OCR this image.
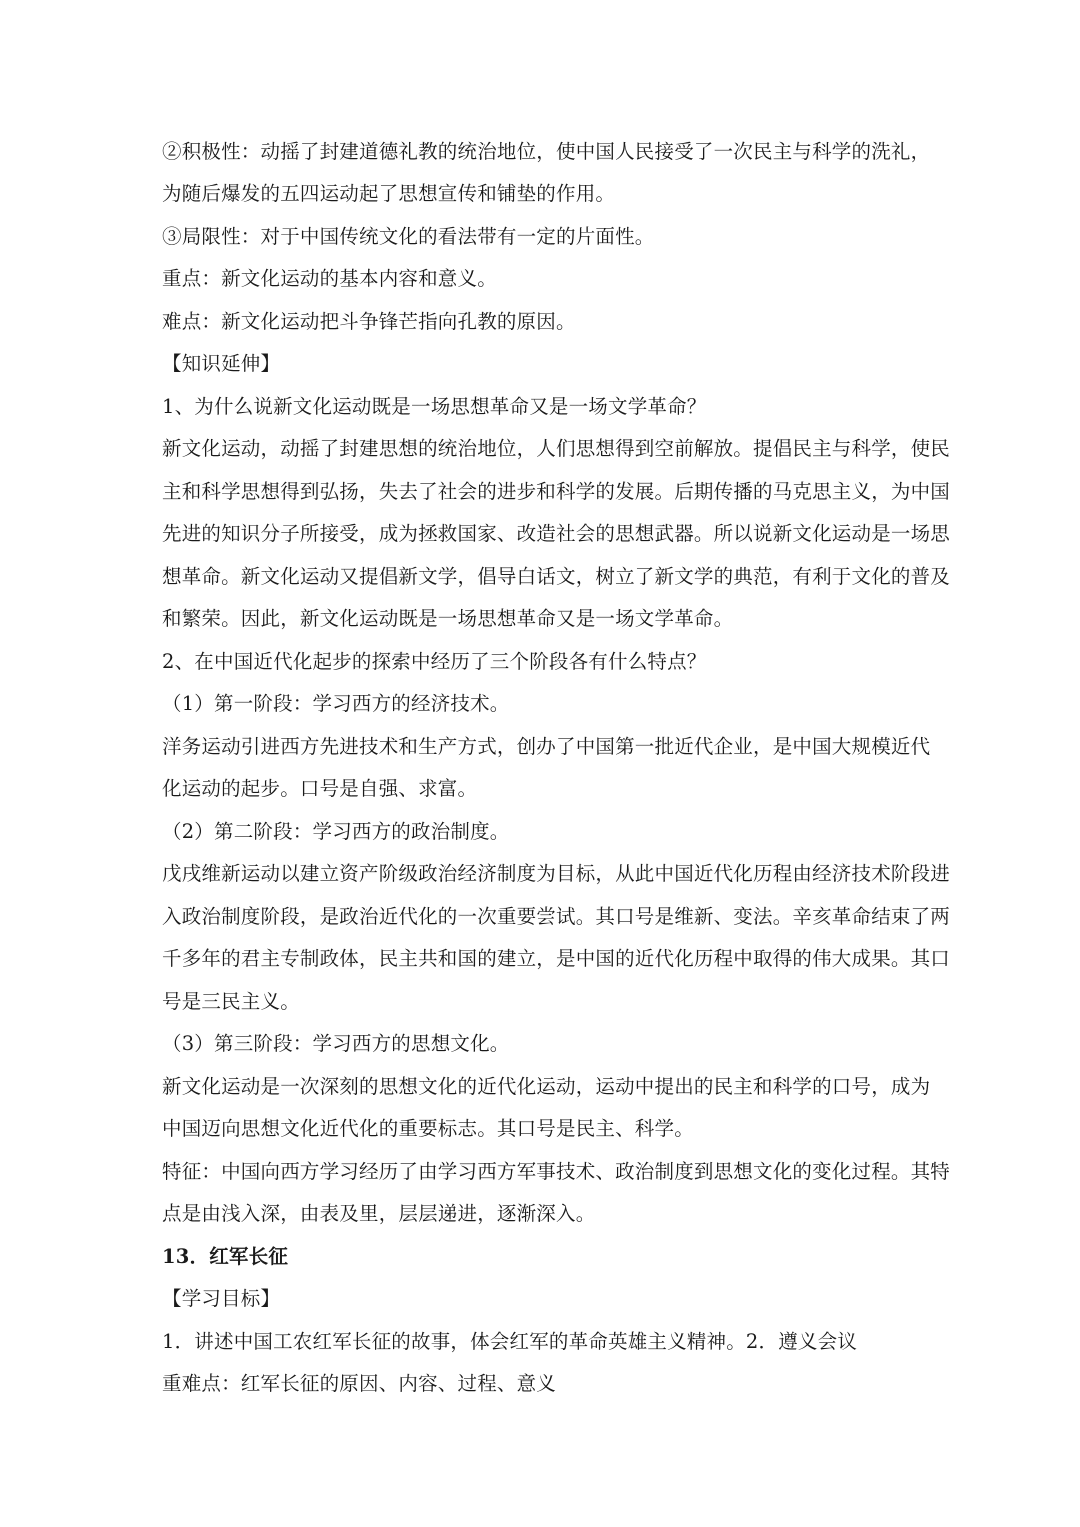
②积极性：动摇了封建道德礼教的统治地位，使中国人民接受了一次民主与科学的洗礼，
为随后爆发的五四运动起了思想宣传和铺垫的作用。
③局限性：对于中国传统文化的看法带有一定的片面性。
重点：新文化运动的基本内容和意义。
难点：新文化运动把斗争锋芒指向孔教的原因。
【知识延伸】
1、为什么说新文化运动既是一场思想革命又是一场文学革命？
新文化运动，动摇了封建思想的统治地位，人们思想得到空前解放。提倡民主与科学，使民
主和科学思想得到弘扬，失去了社会的进步和科学的发展。后期传播的马克思主义，为中国
先进的知识分子所接受，成为拯救国家、改造社会的思想武器。所以说新文化运动是一场思
想革命。新文化运动又提倡新文学，倡导白话文，树立了新文学的典范，有利于文化的普及
和繁荣。因此，新文化运动既是一场思想革命又是一场文学革命。
2、在中国近代化起步的探索中经历了三个阶段各有什么特点？
（1）第一阶段：学习西方的经济技术。
洋务运动引进西方先进技术和生产方式，创办了中国第一批近代企业，是中国大规模近代
化运动的起步。口号是自强、求富。
（2）第二阶段：学习西方的政治制度。
戊戌维新运动以建立资产阶级政治经济制度为目标，从此中国近代化历程由经济技术阶段进
入政治制度阶段，是政治近代化的一次重要尝试。其口号是维新、变法。辛亥革命结束了两
千多年的君主专制政体，民主共和国的建立，是中国的近代化历程中取得的伟大成果。其口
号是三民主义。
（3）第三阶段：学习西方的思想文化。
新文化运动是一次深刻的思想文化的近代化运动，运动中提出的民主和科学的口号，成为
中国迈向思想文化近代化的重要标志。其口号是民主、科学。
特征：中国向西方学习经历了由学习西方军事技术、政治制度到思想文化的变化过程。其特
点是由浅入深，由表及里，层层递进，逐渐深入。
13．红军长征
【学习目标】
1．讲述中国工农红军长征的故事，体会红军的革命英雄主义精神。2．遵义会议
重难点：红军长征的原因、内容、过程、意义
